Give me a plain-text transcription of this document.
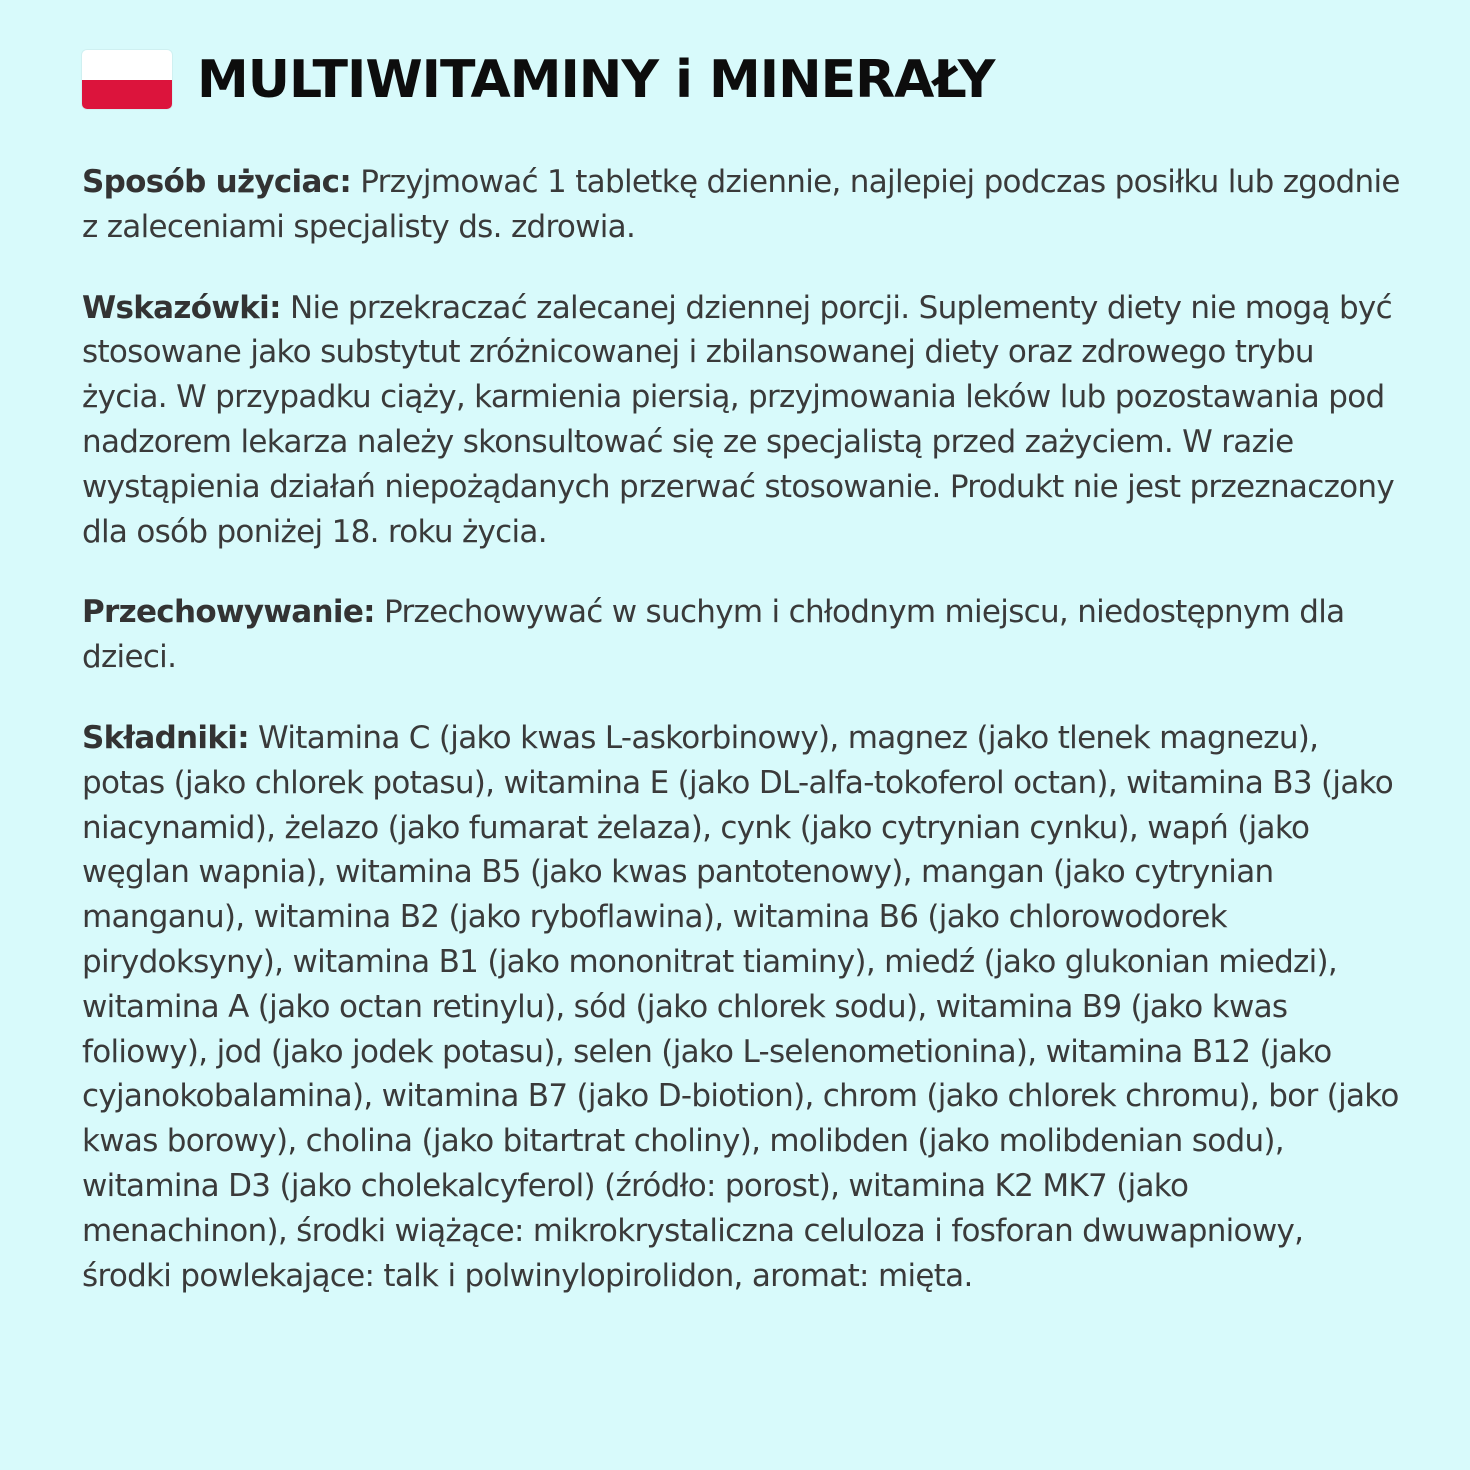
MULTIWITAMINY i MINERAŁY

Sposób użyciac: Przyjmować 1 tabletkę dziennie, najlepiej podczas posiłku lub zgodnie z zaleceniami specjalisty ds. zdrowia.

Wskazówki: Nie przekraczać zalecanej dziennej porcji. Suplementy diety nie mogą być stosowane jako substytut zróżnicowanej i zbilansowanej diety oraz zdrowego trybu życia. W przypadku ciąży, karmienia piersią, przyjmowania leków lub pozostawania pod nadzorem lekarza należy skonsultować się ze specjalistą przed zażyciem. W razie wystąpienia działań niepożądanych przerwać stosowanie. Produkt nie jest przeznaczony dla osób poniżej 18. roku życia.

Przechowywanie: Przechowywać w suchym i chłodnym miejscu, niedostępnym dla dzieci.

Składniki: Witamina C (jako kwas L-askorbinowy), magnez (jako tlenek magnezu), potas (jako chlorek potasu), witamina E (jako DL-alfa-tokoferol octan), witamina B3 (jako niacynamid), żelazo (jako fumarat żelaza), cynk (jako cytrynian cynku), wapń (jako węglan wapnia), witamina B5 (jako kwas pantotenowy), mangan (jako cytrynian manganu), witamina B2 (jako ryboflawina), witamina B6 (jako chlorowodorek pirydoksyny), witamina B1 (jako mononitrat tiaminy), miedź (jako glukonian miedzi), witamina A (jako octan retinylu), sód (jako chlorek sodu), witamina B9 (jako kwas foliowy), jod (jako jodek potasu), selen (jako L-selenometionina), witamina B12 (jako cyjanokobalamina), witamina B7 (jako D-biotion), chrom (jako chlorek chromu), bor (jako kwas borowy), cholina (jako bitartrat choliny), molibden (jako molibdenian sodu), witamina D3 (jako cholekalcyferol) (źródło: porost), witamina K2 MK7 (jako menachinon), środki wiążące: mikrokrystaliczna celuloza i fosforan dwuwapniowy, środki powlekające: talk i polwinylopirolidon, aromat: mięta.
